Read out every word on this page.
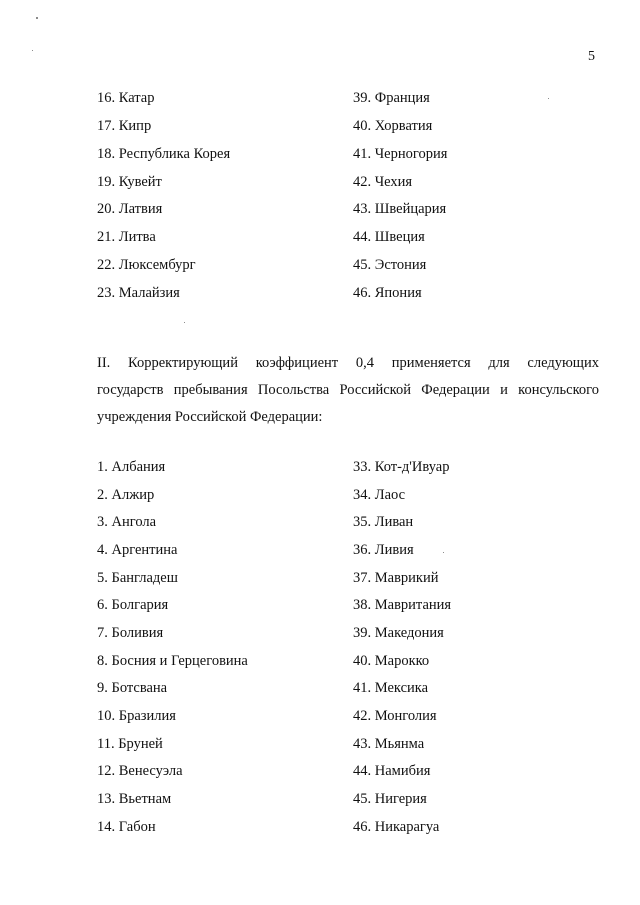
5
16. Катар
17. Кипр
18. Республика Корея
19. Кувейт
20. Латвия
21. Литва
22. Люксембург
23. Малайзия
39. Франция
40. Хорватия
41. Черногория
42. Чехия
43. Швейцария
44. Швеция
45. Эстония
46. Япония

II. Корректирующий коэффициент 0,4 применяется для следующих
государств пребывания Посольства Российской Федерации и консульского
учреждения Российской Федерации:

1. Албания
2. Алжир
3. Ангола
4. Аргентина
5. Бангладеш
6. Болгария
7. Боливия
8. Босния и Герцеговина
9. Ботсвана
10. Бразилия
11. Бруней
12. Венесуэла
13. Вьетнам
14. Габон
33. Кот-д'Ивуар
34. Лаос
35. Ливан
36. Ливия
37. Маврикий
38. Мавритания
39. Македония
40. Марокко
41. Мексика
42. Монголия
43. Мьянма
44. Намибия
45. Нигерия
46. Никарагуа
